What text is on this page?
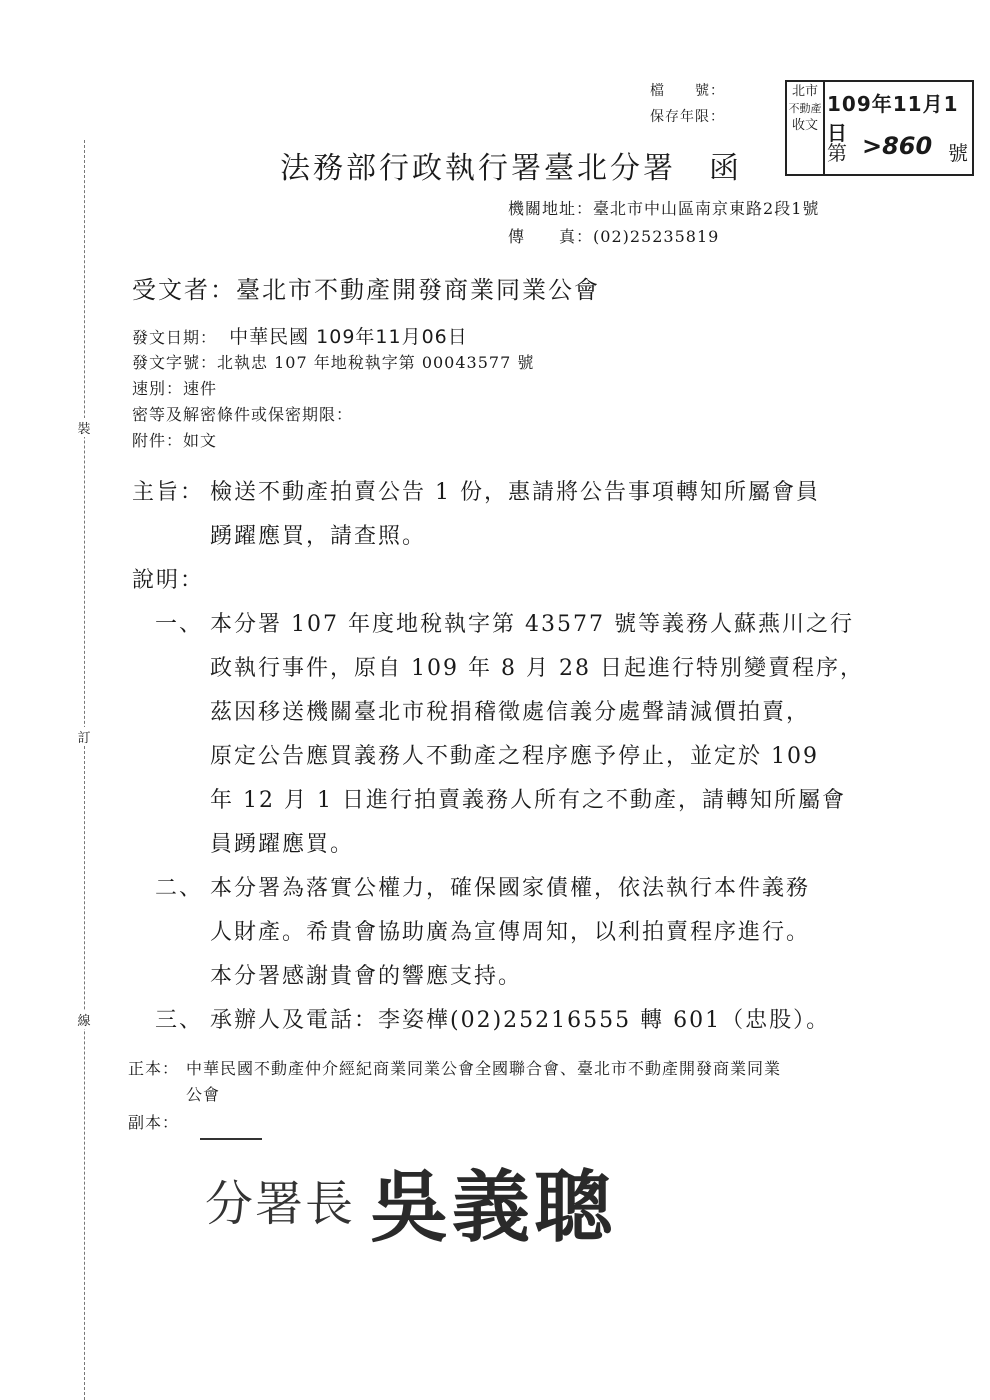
裝
訂
線
檔　　號：
保存年限：
北市
不動產
收文
109年11月1日
第 >860 號
法務部行政執行署臺北分署　函
機關地址：臺北市中山區南京東路2段1號
傳　　真：(02)25235819
受文者：臺北市不動產開發商業同業公會
發文日期： 中華民國 109年11月06日
發文字號：北執忠 107 年地稅執字第 00043577 號
速別：速件
密等及解密條件或保密期限：
附件：如文
主旨： 檢送不動產拍賣公告 1 份，惠請將公告事項轉知所屬會員
踴躍應買，請查照。
說明：
一、 本分署 107 年度地稅執字第 43577 號等義務人蘇燕川之行
政執行事件，原自 109 年 8 月 28 日起進行特別變賣程序，
茲因移送機關臺北市稅捐稽徵處信義分處聲請減價拍賣，
原定公告應買義務人不動產之程序應予停止，並定於 109
年 12 月 1 日進行拍賣義務人所有之不動產，請轉知所屬會
員踴躍應買。
二、 本分署為落實公權力，確保國家債權，依法執行本件義務
人財產。希貴會協助廣為宣傳周知，以利拍賣程序進行。
本分署感謝貴會的響應支持。
三、 承辦人及電話：李姿樺(02)25216555 轉 601（忠股）。
正本： 中華民國不動產仲介經紀商業同業公會全國聯合會、臺北市不動產開發商業同業
公會
副本：
分署長 吳義聰
